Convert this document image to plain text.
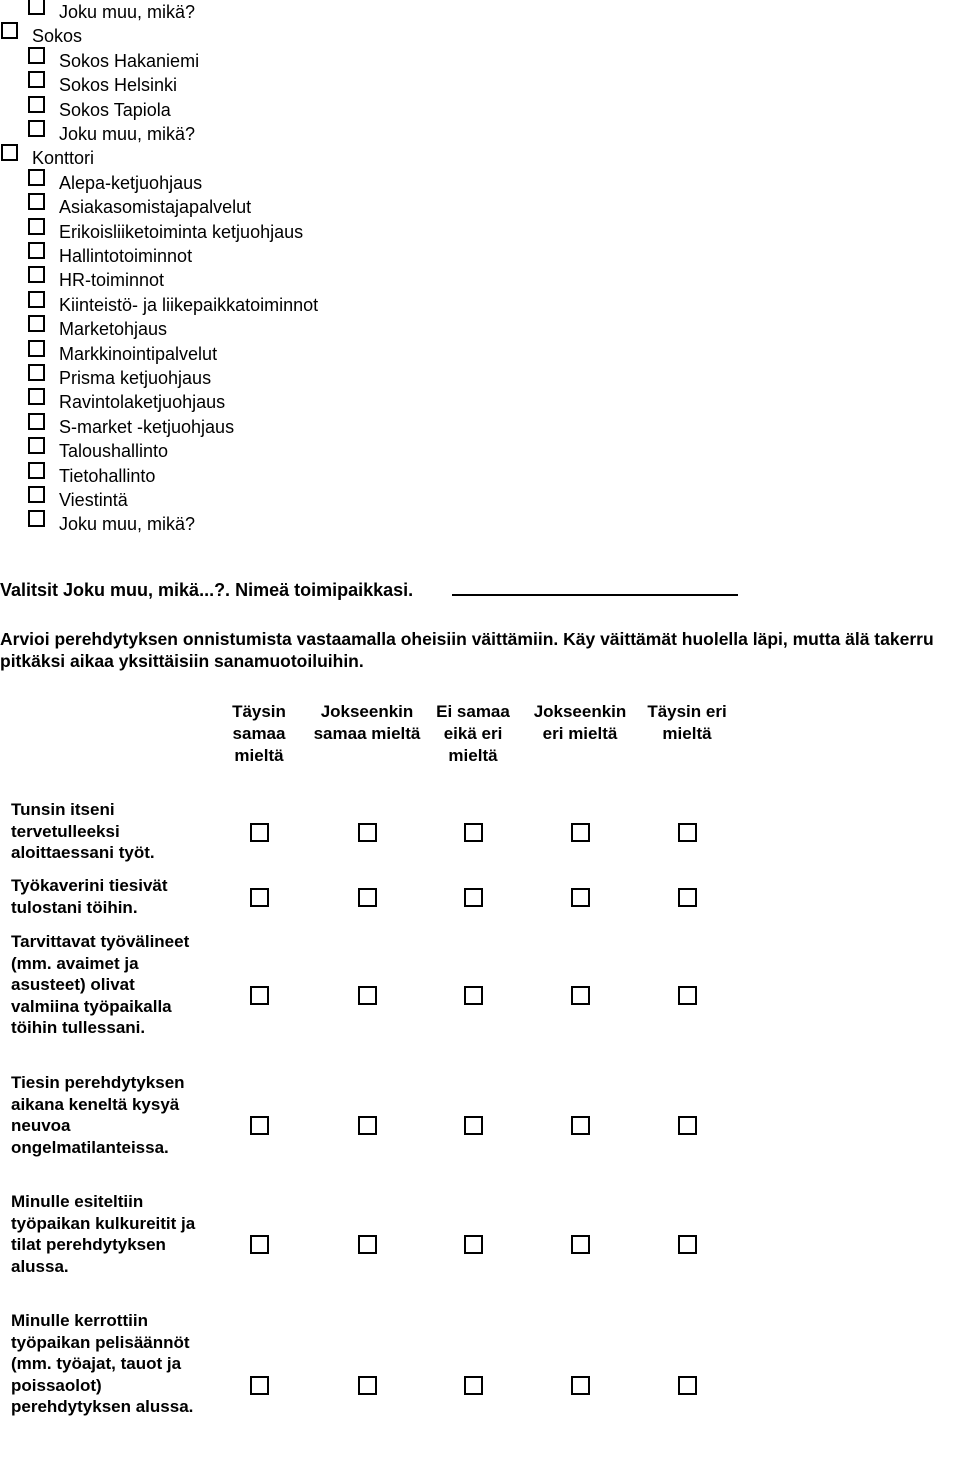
Joku muu, mikä?
Sokos
Sokos Hakaniemi
Sokos Helsinki
Sokos Tapiola
Joku muu, mikä?
Konttori
Alepa-ketjuohjaus
Asiakasomistajapalvelut
Erikoisliiketoiminta ketjuohjaus
Hallintotoiminnot
HR-toiminnot
Kiinteistö- ja liikepaikkatoiminnot
Marketohjaus
Markkinointipalvelut
Prisma ketjuohjaus
Ravintolaketjuohjaus
S-market -ketjuohjaus
Taloushallinto
Tietohallinto
Viestintä
Joku muu, mikä?
Valitsit Joku muu, mikä...?. Nimeä toimipaikkasi.
Arvioi perehdytyksen onnistumista vastaamalla oheisiin väittämiin. Käy väittämät huolella läpi, mutta älä takerru pitkäksi aikaa yksittäisiin sanamuotoiluihin.
Täysin samaa mieltä
Jokseenkin samaa mieltä
Ei samaa eikä eri mieltä
Jokseenkin eri mieltä
Täysin eri mieltä
Tunsin itseni tervetulleeksi aloittaessani työt.
Työkaverini tiesivät tulostani töihin.
Tarvittavat työvälineet (mm. avaimet ja asusteet) olivat valmiina työpaikalla töihin tullessani.
Tiesin perehdytyksen aikana keneltä kysyä neuvoa ongelmatilanteissa.
Minulle esiteltiin työpaikan kulkureitit ja tilat perehdytyksen alussa.
Minulle kerrottiin työpaikan pelisäännöt (mm. työajat, tauot ja poissaolot) perehdytyksen alussa.
